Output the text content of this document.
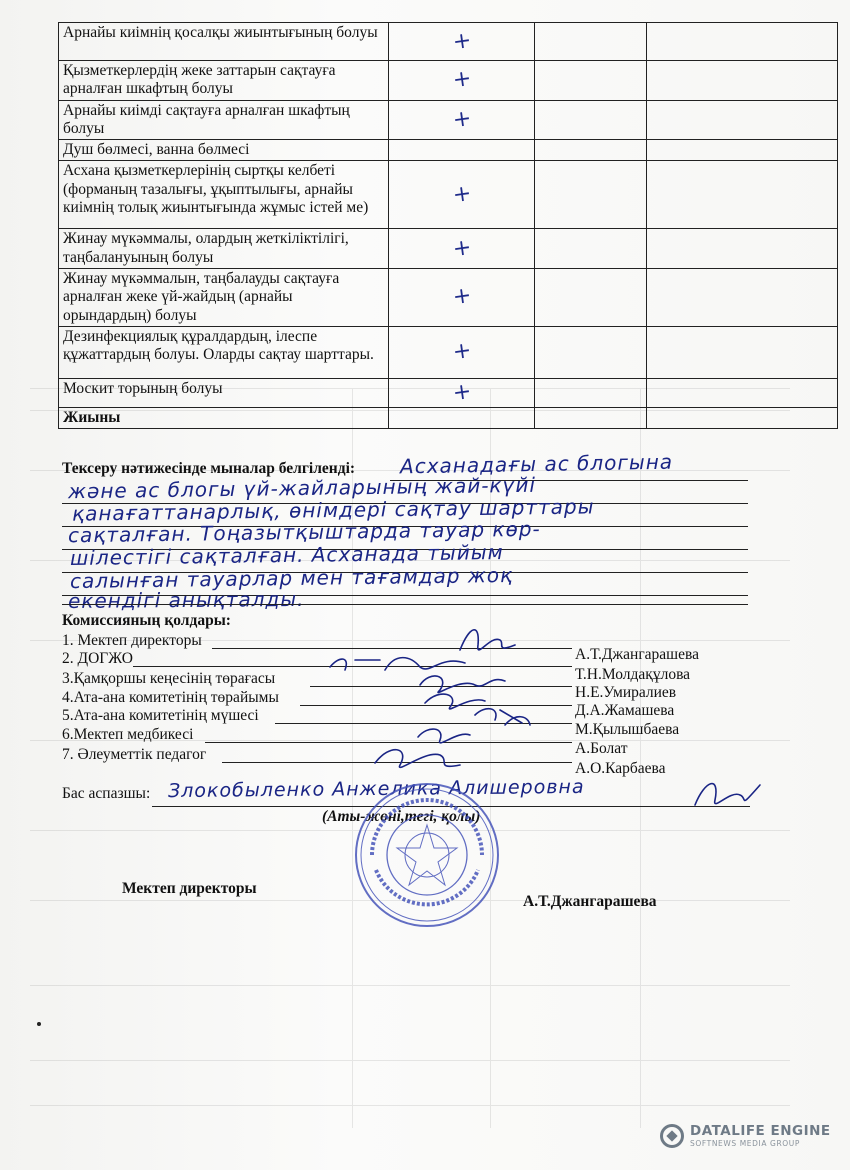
Арнайы киімнің қосалқы жиынтығының болуы	+		
Қызметкерлердің жеке заттарын сақтауға арналған шкафтың болуы	+		
Арнайы киімді сақтауға арналған шкафтың болуы	+		
Душ бөлмесі, ванна бөлмесі			
Асхана қызметкерлерінің сыртқы келбеті (форманың тазалығы, ұқыптылығы, арнайы киімнің толық жиынтығында жұмыс істей ме)	+		
Жинау мүкәммалы, олардың жеткіліктілігі, таңбалануының болуы	+		
Жинау мүкәммалын, таңбалауды сақтауға арналған жеке үй-жайдың (арнайы орындардың) болуы	+		
Дезинфекциялық құралдардың, ілеспе құжаттардың болуы. Оларды сақтау шарттары.	+		
Москит торының болуы	+		
Жиыны			
Тексеру нәтижесінде мыналар белгіленді: Асханадағы ас блогына
және ас блогы үй-жайларының жай-күйі
қанағаттанарлық, өнімдері сақтау шарттары
сақталған. Тоңазытқыштарда тауар көр-
шілестігі сақталған. Асханада тыйым
салынған тауарлар мен тағамдар жоқ
екендігі анықталды.
Комиссияның қолдары:
1. Мектеп директоры
А.Т.Джангарашева
2. ДОГЖО
Т.Н.Молдақұлова
3.Қамқоршы кеңесінің төрағасы
Н.Е.Умиралиев
4.Ата-ана комитетінің төрайымы
Д.А.Жамашева
5.Ата-ана комитетінің мүшесі
М.Қылышбаева
6.Мектеп медбикесі
А.Болат
7. Әлеуметтік педагог
А.О.Карбаева
Бас аспазшы: Злокобыленко Анжелика Алишеровна
(Аты-жөні,тегі, қолы)
Мектеп директоры
А.Т.Джангарашева
DATALIFE ENGINE
SOFTNEWS MEDIA GROUP
